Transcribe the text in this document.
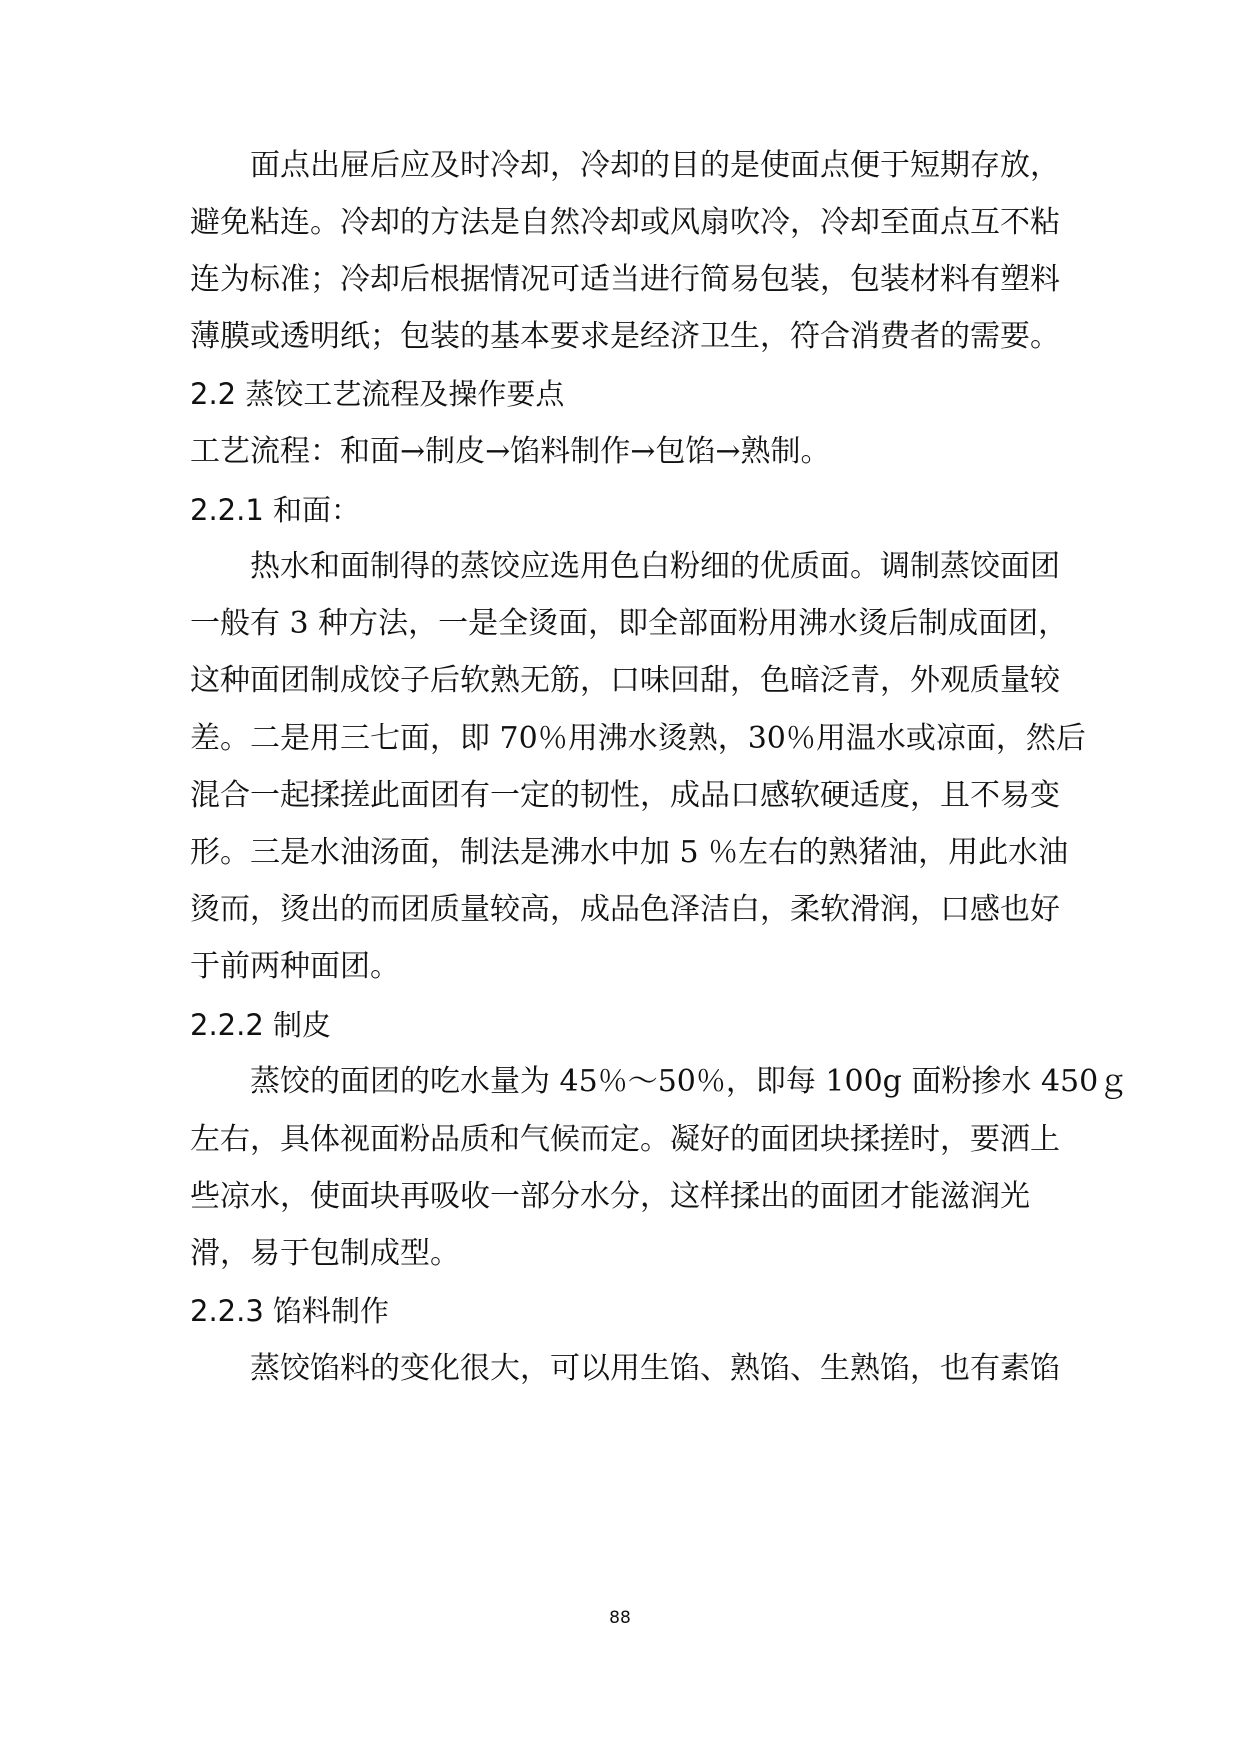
　　面点出屉后应及时冷却，冷却的目的是使面点便于短期存放，
避免粘连。冷却的方法是自然冷却或风扇吹冷，冷却至面点互不粘
连为标准；冷却后根据情况可适当进行简易包装，包装材料有塑料
薄膜或透明纸；包装的基本要求是经济卫生，符合消费者的需要。
2.2 蒸饺工艺流程及操作要点
工艺流程：和面→制皮→馅料制作→包馅→熟制。
2.2.1 和面：
　　热水和面制得的蒸饺应选用色白粉细的优质面。调制蒸饺面团
一般有 3 种方法，一是全烫面，即全部面粉用沸水烫后制成面团，
这种面团制成饺子后软熟无筋，口味回甜，色暗泛青，外观质量较
差。二是用三七面，即 70％用沸水烫熟，30％用温水或凉面，然后
混合一起揉搓此面团有一定的韧性，成品口感软硬适度，且不易变
形。三是水油汤面，制法是沸水中加 5 ％左右的熟猪油，用此水油
烫而，烫出的而团质量较高，成品色泽洁白，柔软滑润，口感也好
于前两种面团。
2.2.2 制皮
　　蒸饺的面团的吃水量为 45％～50％，即每 100g 面粉掺水 450ｇ
左右，具体视面粉品质和气候而定。凝好的面团块揉搓时，要洒上
些凉水，使面块再吸收一部分水分，这样揉出的面团才能滋润光
滑，易于包制成型。
2.2.3 馅料制作
　　蒸饺馅料的变化很大，可以用生馅、熟馅、生熟馅，也有素馅
88
